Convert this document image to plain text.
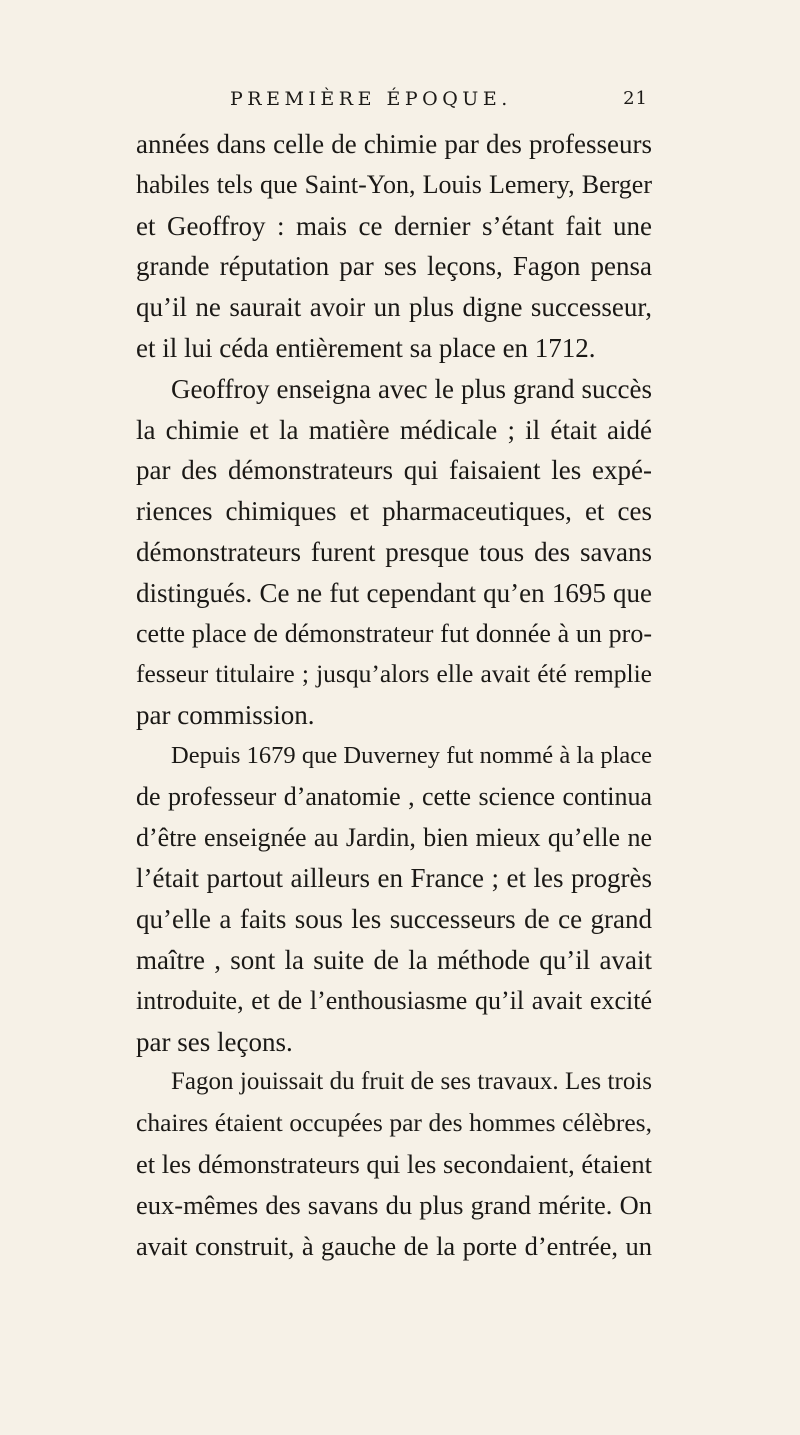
PREMIÈRE ÉPOQUE.	21
années dans celle de chimie par des professeurs
habiles tels que Saint-Yon, Louis Lemery, Berger
et Geoffroy : mais ce dernier s’étant fait une
grande réputation par ses leçons, Fagon pensa
qu’il ne saurait avoir un plus digne successeur,
et il lui céda entièrement sa place en 1712.
Geoffroy enseigna avec le plus grand succès
la chimie et la matière médicale ; il était aidé
par des démonstrateurs qui faisaient les expé-
riences chimiques et pharmaceutiques, et ces
démonstrateurs furent presque tous des savans
distingués. Ce ne fut cependant qu’en 1695 que
cette place de démonstrateur fut donnée à un pro-
fesseur titulaire ; jusqu’alors elle avait été remplie
par commission.
Depuis 1679 que Duverney fut nommé à la place
de professeur d’anatomie , cette science continua
d’être enseignée au Jardin, bien mieux qu’elle ne
l’était partout ailleurs en France ; et les progrès
qu’elle a faits sous les successeurs de ce grand
maître , sont la suite de la méthode qu’il avait
introduite, et de l’enthousiasme qu’il avait excité
par ses leçons.
Fagon jouissait du fruit de ses travaux. Les trois
chaires étaient occupées par des hommes célèbres,
et les démonstrateurs qui les secondaient, étaient
eux-mêmes des savans du plus grand mérite. On
avait construit, à gauche de la porte d’entrée, un
